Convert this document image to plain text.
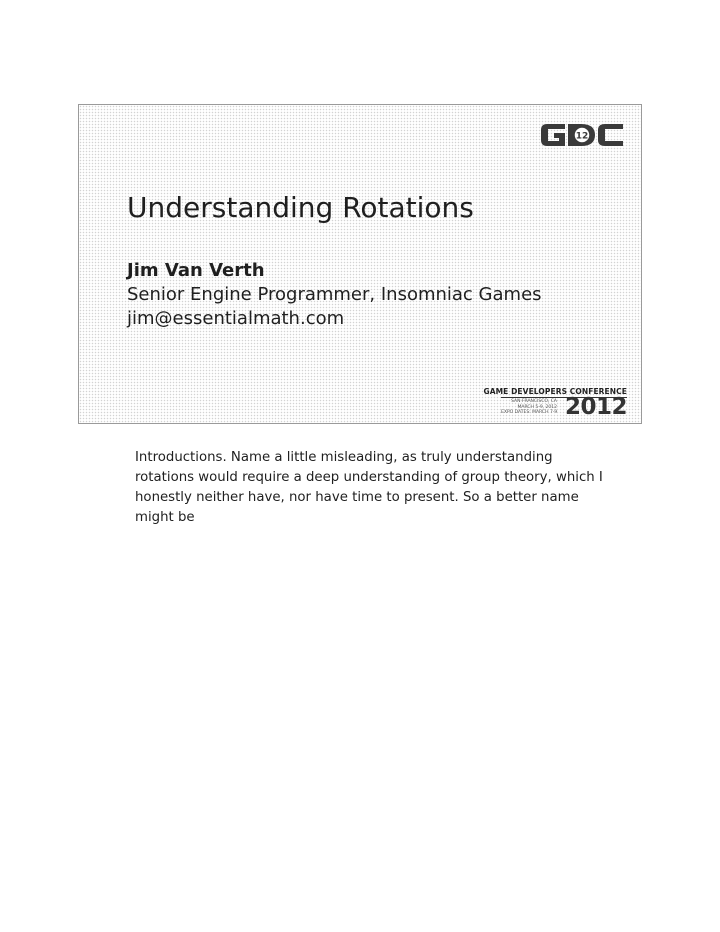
12
Understanding Rotations
Jim Van Verth
Senior Engine Programmer, Insomniac Games
jim@essentialmath.com
GAME DEVELOPERS CONFERENCE
SAN FRANCISCO, CA
MARCH 5-9, 2012
EXPO DATES: MARCH 7-9 2012

Introductions. Name a little misleading, as truly understanding rotations would require a deep understanding of group theory, which I honestly neither have, nor have time to present. So a better name might be
